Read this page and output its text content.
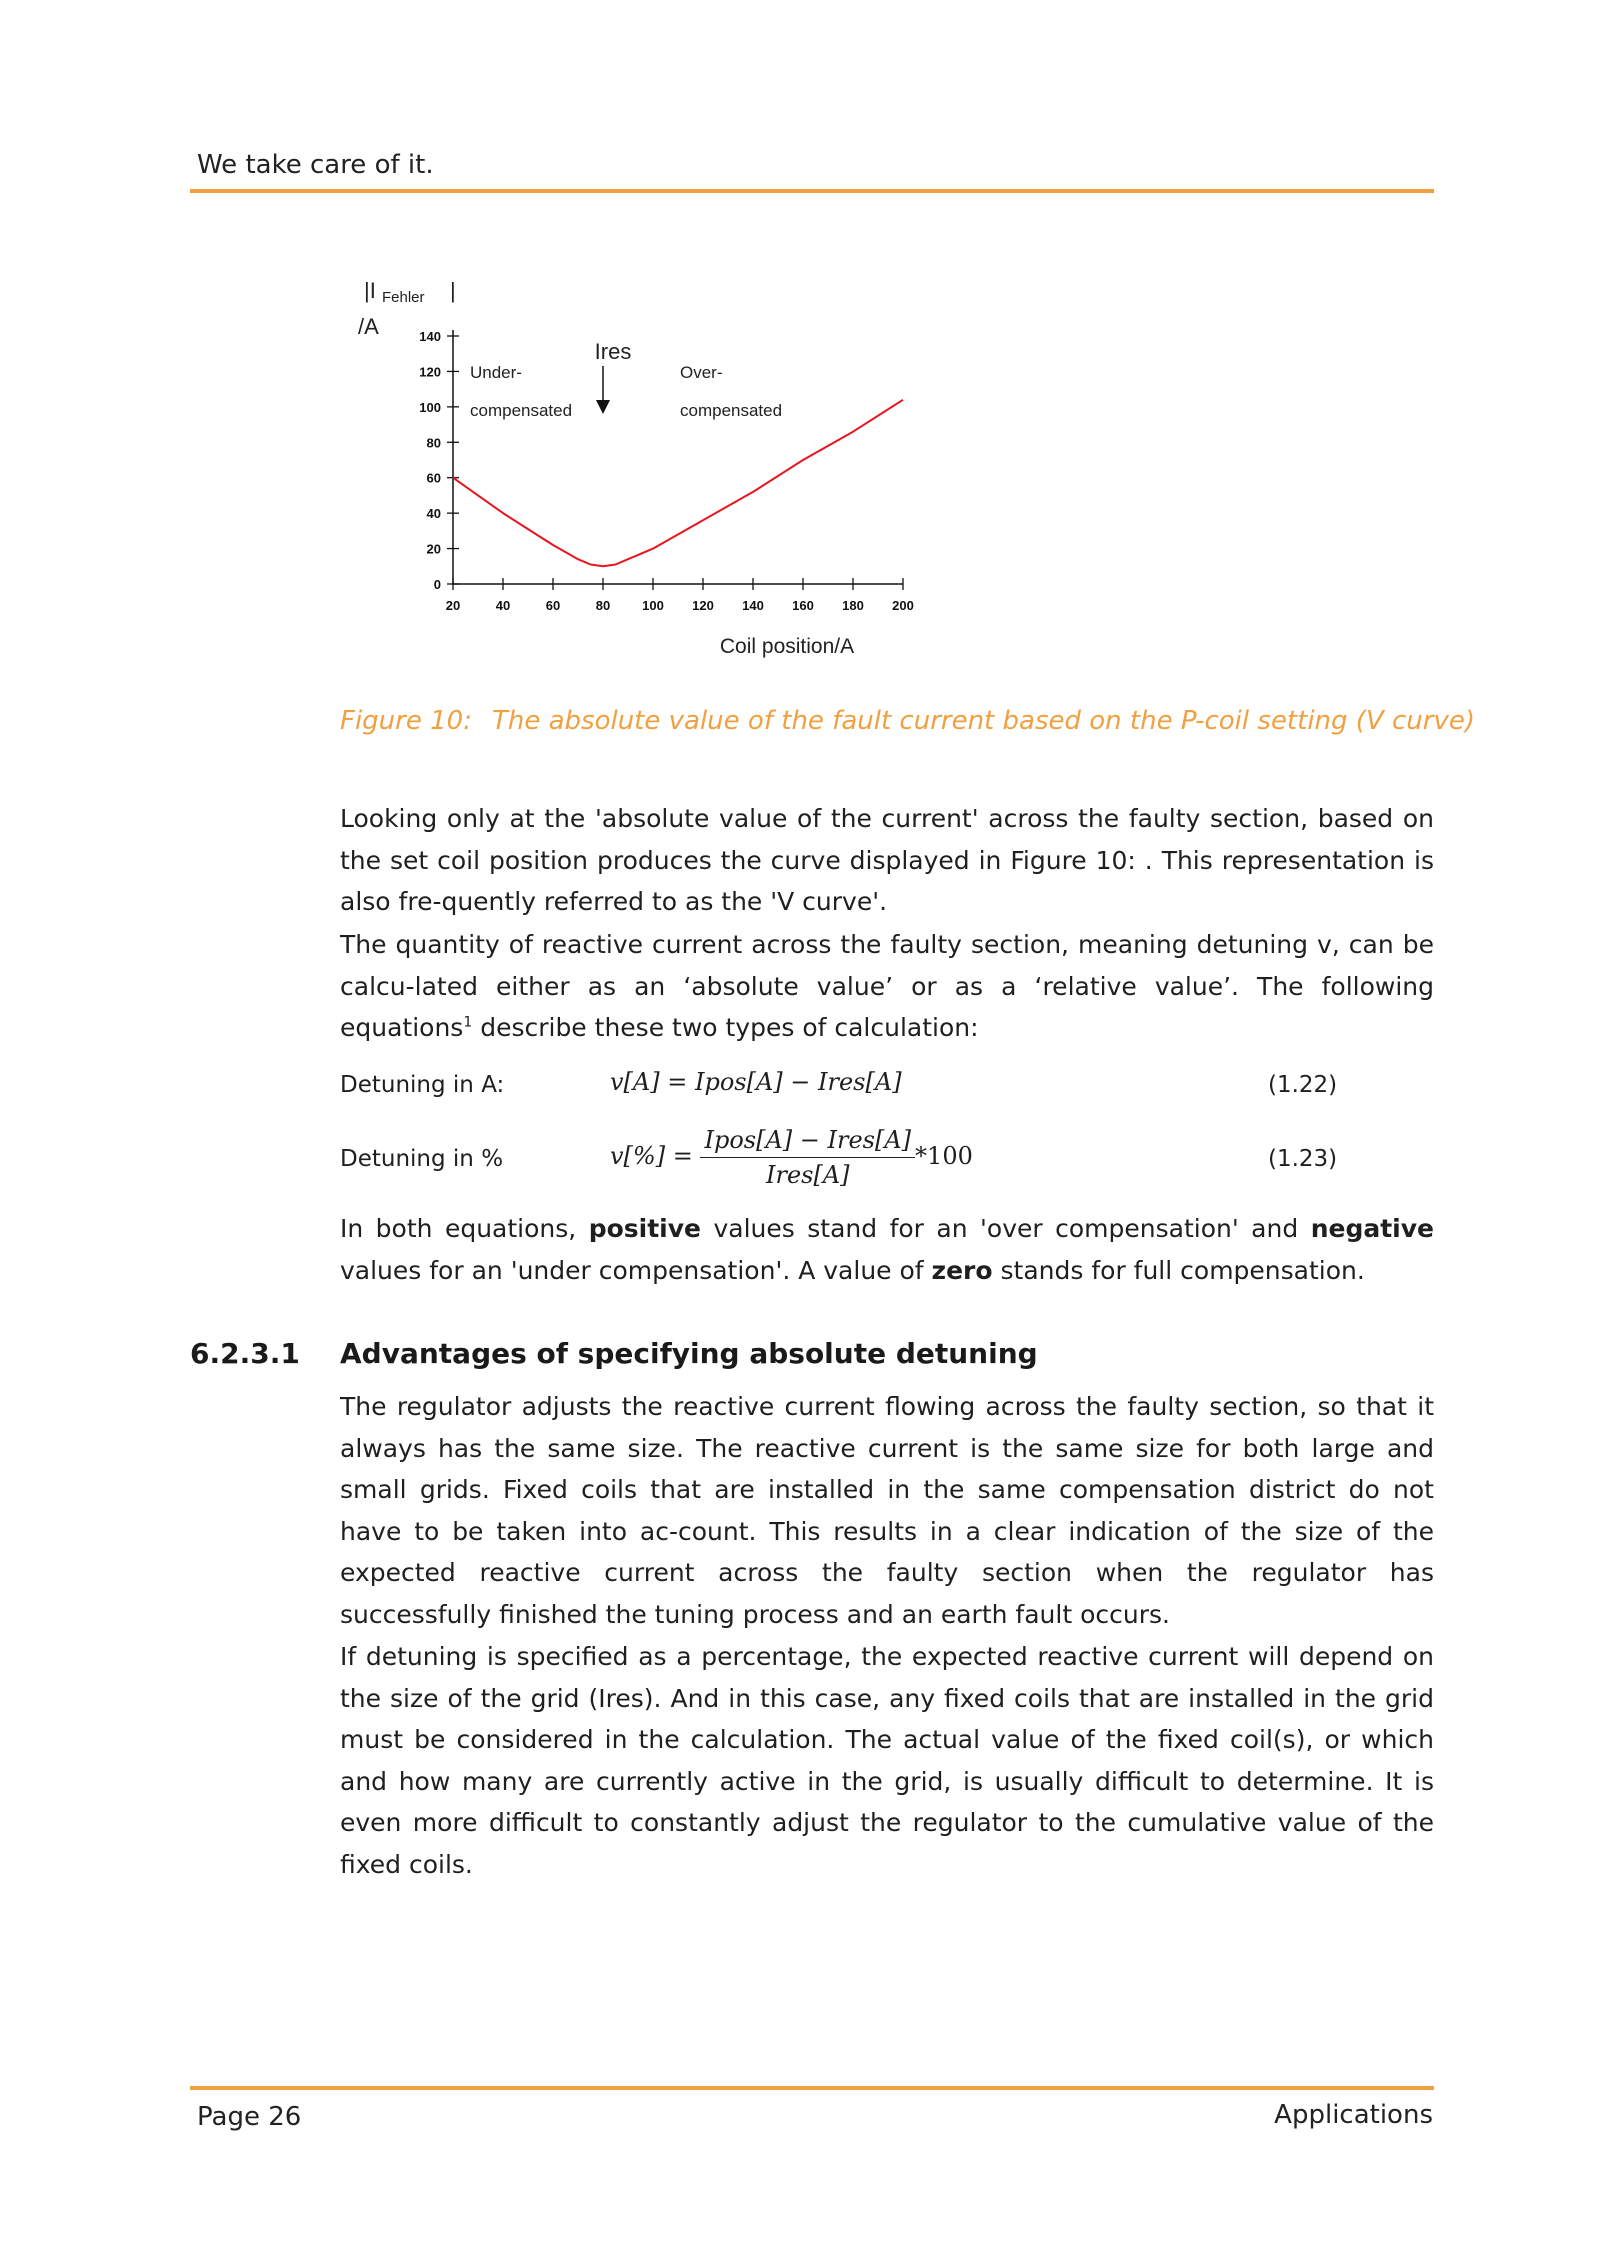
We take care of it.
20	40	60	80 100 120 140 160 180 200
0
20
40
60
80
100
120
140
|I Fehler |
/A
Coil position/A
Under-
compensated
Over-
compensated
Ires
Figure 10: The absolute value of the fault current based on the P-coil setting (V curve)
Looking only at the 'absolute value of the current' across the faulty section, based on the set coil position produces the curve displayed in Figure 10: . This representation is also fre-quently referred to as the 'V curve'.
The quantity of reactive current across the faulty section, meaning detuning v, can be calcu-lated either as an ‘absolute value’ or as a ‘relative value’. The following equations$^1$ describe these two types of calculation:
Detuning in A:	v[A] = Ipos[A] − Ires[A]	(1.22)
Detuning in %	$v[\%] = \frac{\text{Ipos[A] − Ires[A]}}{\text{Ires[A]}} *100$	(1.23)
In both equations, positive values stand for an 'over compensation' and negative values for an 'under compensation'. A value of zero stands for full compensation.
6.2.3.1 Advantages of specifying absolute detuning
The regulator adjusts the reactive current flowing across the faulty section, so that it always has the same size. The reactive current is the same size for both large and small grids. Fixed coils that are installed in the same compensation district do not have to be taken into ac-count. This results in a clear indication of the size of the expected reactive current across the faulty section when the regulator has successfully finished the tuning process and an earth fault occurs.
If detuning is specified as a percentage, the expected reactive current will depend on the size of the grid (Ires). And in this case, any fixed coils that are installed in the grid must be considered in the calculation. The actual value of the fixed coil(s), or which and how many are currently active in the grid, is usually difficult to determine. It is even more difficult to constantly adjust the regulator to the cumulative value of the fixed coils.
Page 26	Applications
